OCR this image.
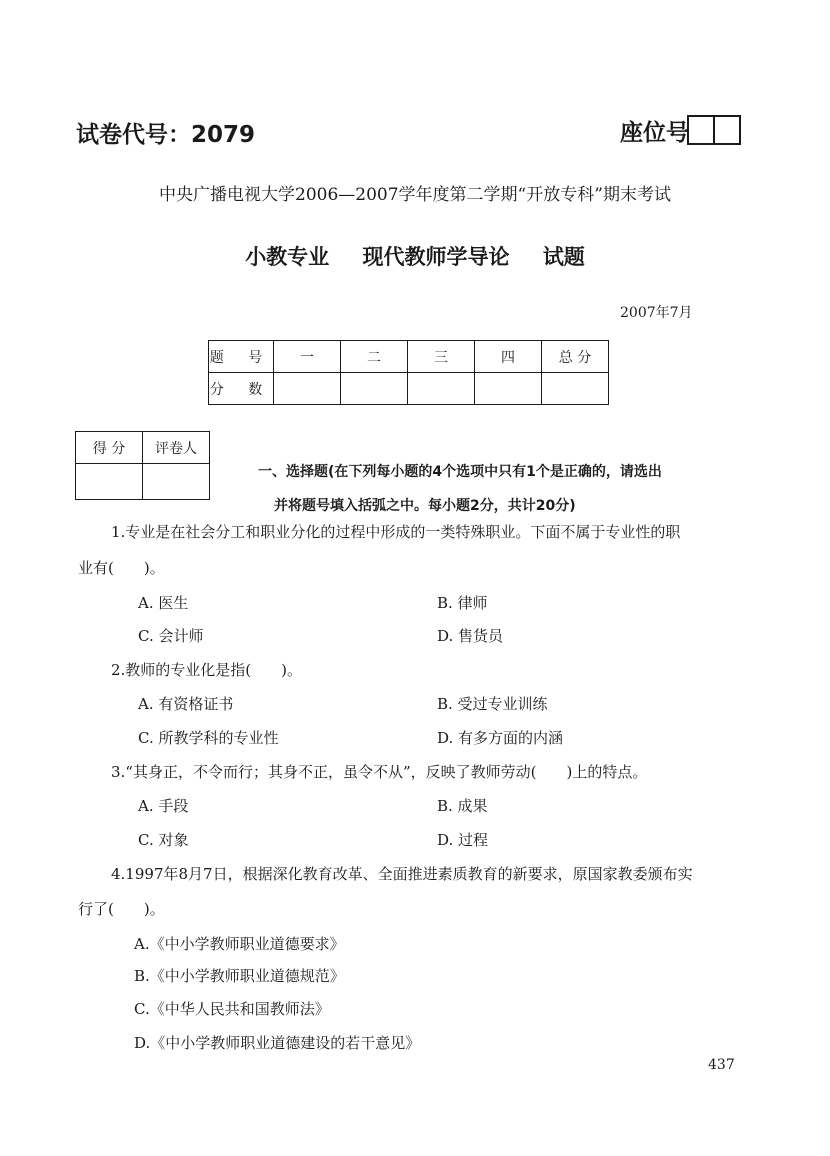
试卷代号：2079	座位号
中央广播电视大学2006—2007学年度第二学期“开放专科”期末考试
小教专业 现代教师学导论 试题
2007年7月
题 号	一	二	三	四	总 分
分 数					
得 分	评卷人

一、选择题(在下列每小题的4个选项中只有1个是正确的，请选出
并将题号填入括弧之中。每小题2分，共计20分)
1.专业是在社会分工和职业分化的过程中形成的一类特殊职业。下面不属于专业性的职
业有(　　)。
A. 医生	B. 律师
C. 会计师	D. 售货员
2.教师的专业化是指(　　)。
A. 有资格证书	B. 受过专业训练
C. 所教学科的专业性	D. 有多方面的内涵
3.“其身正，不令而行；其身不正，虽令不从”，反映了教师劳动(　　)上的特点。
A. 手段	B. 成果
C. 对象	D. 过程
4.1997年8月7日，根据深化教育改革、全面推进素质教育的新要求，原国家教委颁布实
行了(　　)。
A.《中小学教师职业道德要求》
B.《中小学教师职业道德规范》
C.《中华人民共和国教师法》
D.《中小学教师职业道德建设的若干意见》
437
